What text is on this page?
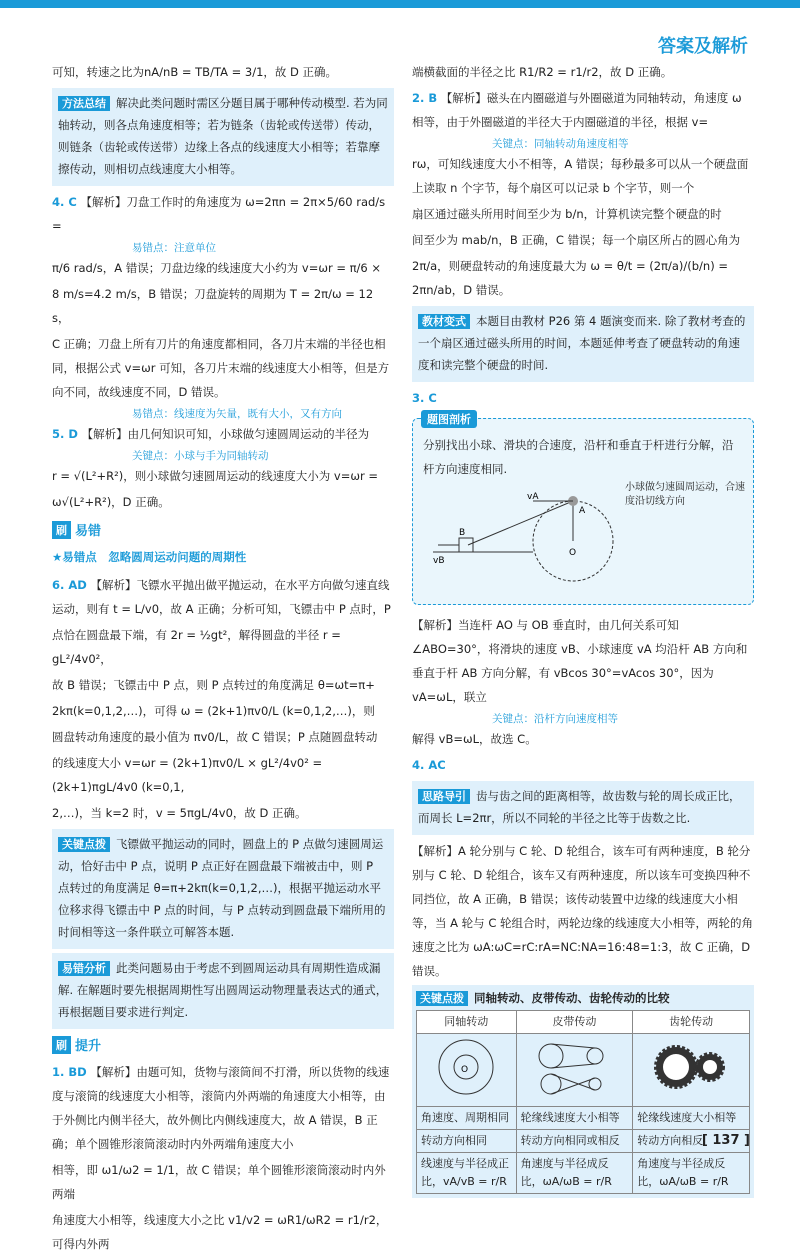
答案及解析

可知，转速之比为nA/nB = TB/TA = 3/1，故 D 正确。

方法总结 解决此类问题时需区分题目属于哪种传动模型. 若为同轴转动，则各点角速度相等；若为链条（齿轮或传送带）传动，则链条（齿轮或传送带）边缘上各点的线速度大小相等；若靠摩擦传动，则相切点线速度大小相等。

4. C 【解析】刀盘工作时的角速度为 ω=2πn = 2π×5/60 rad/s =

易错点：注意单位

π/6 rad/s，A 错误；刀盘边缘的线速度大小约为 v=ωr = π/6 ×

8 m/s=4.2 m/s，B 错误；刀盘旋转的周期为 T = 2π/ω = 12 s，

C 正确；刀盘上所有刀片的角速度都相同，各刀片末端的半径也相同，根据公式 v=ωr 可知，各刀片末端的线速度大小相等，但是方向不同，故线速度不同，D 错误。

易错点：线速度为矢量，既有大小，又有方向

5. D 【解析】由几何知识可知，小球做匀速圆周运动的半径为

关键点：小球与手为同轴转动

r = √(L²+R²)，则小球做匀速圆周运动的线速度大小为 v=ωr =

ω√(L²+R²)，D 正确。

刷 易错

★易错点　忽略圆周运动问题的周期性

6. AD 【解析】飞镖水平抛出做平抛运动，在水平方向做匀速直线运动，则有 t = L/v0，故 A 正确；分析可知，飞镖击中 P 点时，P

点恰在圆盘最下端，有 2r = ½gt²，解得圆盘的半径 r = gL²/4v0²，

故 B 错误；飞镖击中 P 点，则 P 点转过的角度满足 θ=ωt=π+

2kπ(k=0,1,2,…)，可得 ω = (2k+1)πv0/L (k=0,1,2,…)，则

圆盘转动角速度的最小值为 πv0/L，故 C 错误；P 点随圆盘转动

的线速度大小 v=ωr = (2k+1)πv0/L × gL²/4v0² = (2k+1)πgL/4v0 (k=0,1,

2,…)，当 k=2 时，v = 5πgL/4v0，故 D 正确。

关键点拨 飞镖做平抛运动的同时，圆盘上的 P 点做匀速圆周运动，恰好击中 P 点，说明 P 点正好在圆盘最下端被击中，则 P 点转过的角度满足 θ=π+2kπ(k=0,1,2,…)，根据平抛运动水平位移求得飞镖击中 P 点的时间，与 P 点转动到圆盘最下端所用的时间相等这一条件联立可解答本题.

易错分析 此类问题易由于考虑不到圆周运动具有周期性造成漏解. 在解题时要先根据周期性写出圆周运动物理量表达式的通式，再根据题目要求进行判定.

刷 提升

1. BD 【解析】由题可知，货物与滚筒间不打滑，所以货物的线速度与滚筒的线速度大小相等，滚筒内外两端的角速度大小相等，由于外侧比内侧半径大，故外侧比内侧线速度大，故 A 错误，B 正确；单个圆锥形滚筒滚动时内外两端角速度大小

相等，即 ω1/ω2 = 1/1，故 C 错误；单个圆锥形滚筒滚动时内外两端

角速度大小相等，线速度大小之比 v1/v2 = ωR1/ωR2 = r1/r2，可得内外两

端横截面的半径之比 R1/R2 = r1/r2，故 D 正确。

2. B 【解析】磁头在内圈磁道与外圈磁道为同轴转动，角速度 ω 相等，由于外圈磁道的半径大于内圈磁道的半径，根据 v=

关键点：同轴转动角速度相等

rω，可知线速度大小不相等，A 错误；每秒最多可以从一个硬盘面上读取 n 个字节，每个扇区可以记录 b 个字节，则一个

扇区通过磁头所用时间至少为 b/n，计算机读完整个硬盘的时

间至少为 mab/n，B 正确，C 错误；每一个扇区所占的圆心角为

2π/a，则硬盘转动的角速度最大为 ω = θ/t = (2π/a)/(b/n) = 2πn/ab，D 错误。

教材变式 本题目由教材 P26 第 4 题演变而来. 除了教材考查的一个扇区通过磁头所用的时间，本题延伸考查了硬盘转动的角速度和读完整个硬盘的时间.

3. C

题图剖析

分别找出小球、滑块的合速度，沿杆和垂直于杆进行分解，沿杆方向速度相同.

vA
A
B
vB
O
小球做匀速圆周运动，合速度沿切线方向

【解析】当连杆 AO 与 OB 垂直时，由几何关系可知∠ABO=30°，将滑块的速度 vB、小球速度 vA 均沿杆 AB 方向和垂直于杆 AB 方向分解，有 vBcos 30°=vAcos 30°，因为 vA=ωL，联立

关键点：沿杆方向速度相等

解得 vB=ωL，故选 C。

4. AC

思路导引 齿与齿之间的距离相等，故齿数与轮的周长成正比，而周长 L=2πr，所以不同轮的半径之比等于齿数之比.

【解析】A 轮分别与 C 轮、D 轮组合，该车可有两种速度，B 轮分别与 C 轮、D 轮组合，该车又有两种速度，所以该车可变换四种不同挡位，故 A 正确，B 错误；该传动装置中边缘的线速度大小相等，当 A 轮与 C 轮组合时，两轮边缘的线速度大小相等，两轮的角速度之比为 ωA:ωC=rC:rA=NC:NA=16:48=1:3，故 C 正确，D 错误。

关键点拨 同轴转动、皮带传动、齿轮传动的比较

同轴转动	皮带传动	齿轮传动

O

角速度、周期相同	轮缘线速度大小相等	轮缘线速度大小相等
转动方向相同	转动方向相同或相反	转动方向相反
线速度与半径成正比，vA/vB = r/R	角速度与半径成反比，ωA/ωB = r/R	角速度与半径成反比，ωA/ωB = r/R
[ 137 ]
